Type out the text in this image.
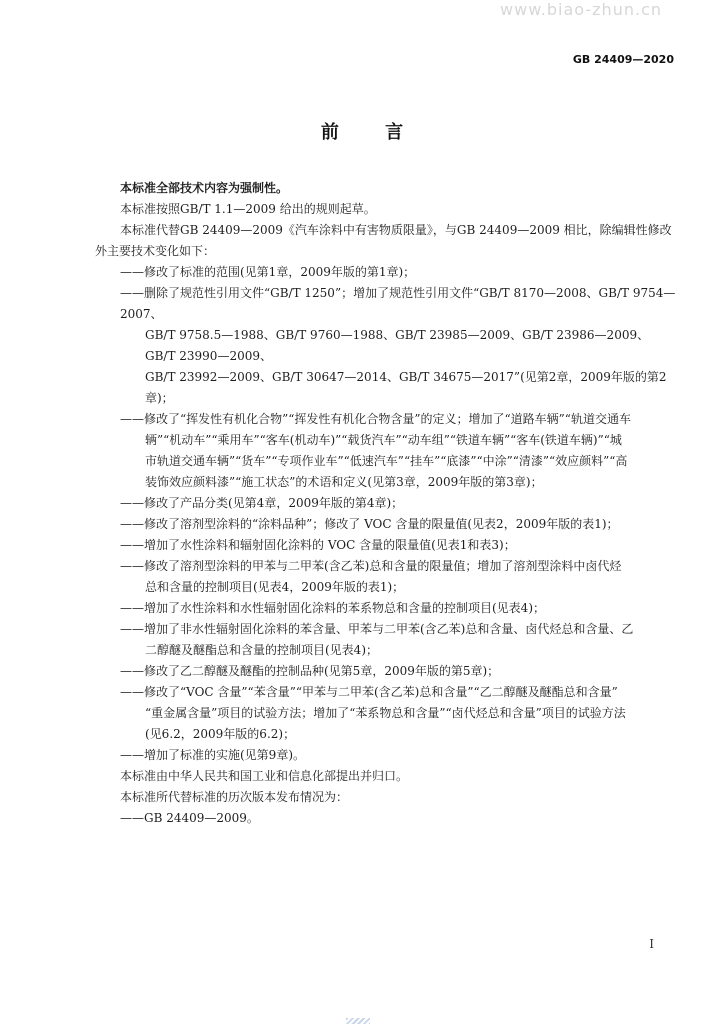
www.biao-zhun.cn
GB 24409—2020
前 言
本标准全部技术内容为强制性。
本标准按照GB/T 1.1—2009 给出的规则起草。
本标准代替GB 24409—2009《汽车涂料中有害物质限量》，与GB 24409—2009 相比，除编辑性修改
外主要技术变化如下：
——修改了标准的范围(见第1章，2009年版的第1章)；
——删除了规范性引用文件“GB/T 1250”；增加了规范性引用文件“GB/T 8170—2008、GB/T 9754—2007、
GB/T 9758.5—1988、GB/T 9760—1988、GB/T 23985—2009、GB/T 23986—2009、GB/T 23990—2009、
GB/T 23992—2009、GB/T 30647—2014、GB/T 34675—2017”(见第2章，2009年版的第2章)；
——修改了“挥发性有机化合物”“挥发性有机化合物含量”的定义；增加了“道路车辆”“轨道交通车
辆”“机动车”“乘用车”“客车(机动车)”“载货汽车”“动车组”“铁道车辆”“客车(铁道车辆)”“城
市轨道交通车辆”“货车”“专项作业车”“低速汽车”“挂车”“底漆”“中涂”“清漆”“效应颜料”“高
装饰效应颜料漆”“施工状态”的术语和定义(见第3章，2009年版的第3章)；
——修改了产品分类(见第4章，2009年版的第4章)；
——修改了溶剂型涂料的“涂料品种”；修改了 VOC 含量的限量值(见表2，2009年版的表1)；
——增加了水性涂料和辐射固化涂料的 VOC 含量的限量值(见表1和表3)；
——修改了溶剂型涂料的甲苯与二甲苯(含乙苯)总和含量的限量值；增加了溶剂型涂料中卤代烃
总和含量的控制项目(见表4，2009年版的表1)；
——增加了水性涂料和水性辐射固化涂料的苯系物总和含量的控制项目(见表4)；
——增加了非水性辐射固化涂料的苯含量、甲苯与二甲苯(含乙苯)总和含量、卤代烃总和含量、乙
二醇醚及醚酯总和含量的控制项目(见表4)；
——修改了乙二醇醚及醚酯的控制品种(见第5章，2009年版的第5章)；
——修改了“VOC 含量”“苯含量”“甲苯与二甲苯(含乙苯)总和含量”“乙二醇醚及醚酯总和含量”
“重金属含量”项目的试验方法；增加了“苯系物总和含量”“卤代烃总和含量”项目的试验方法
(见6.2，2009年版的6.2)；
——增加了标准的实施(见第9章)。
本标准由中华人民共和国工业和信息化部提出并归口。
本标准所代替标准的历次版本发布情况为：
——GB 24409—2009。
I
